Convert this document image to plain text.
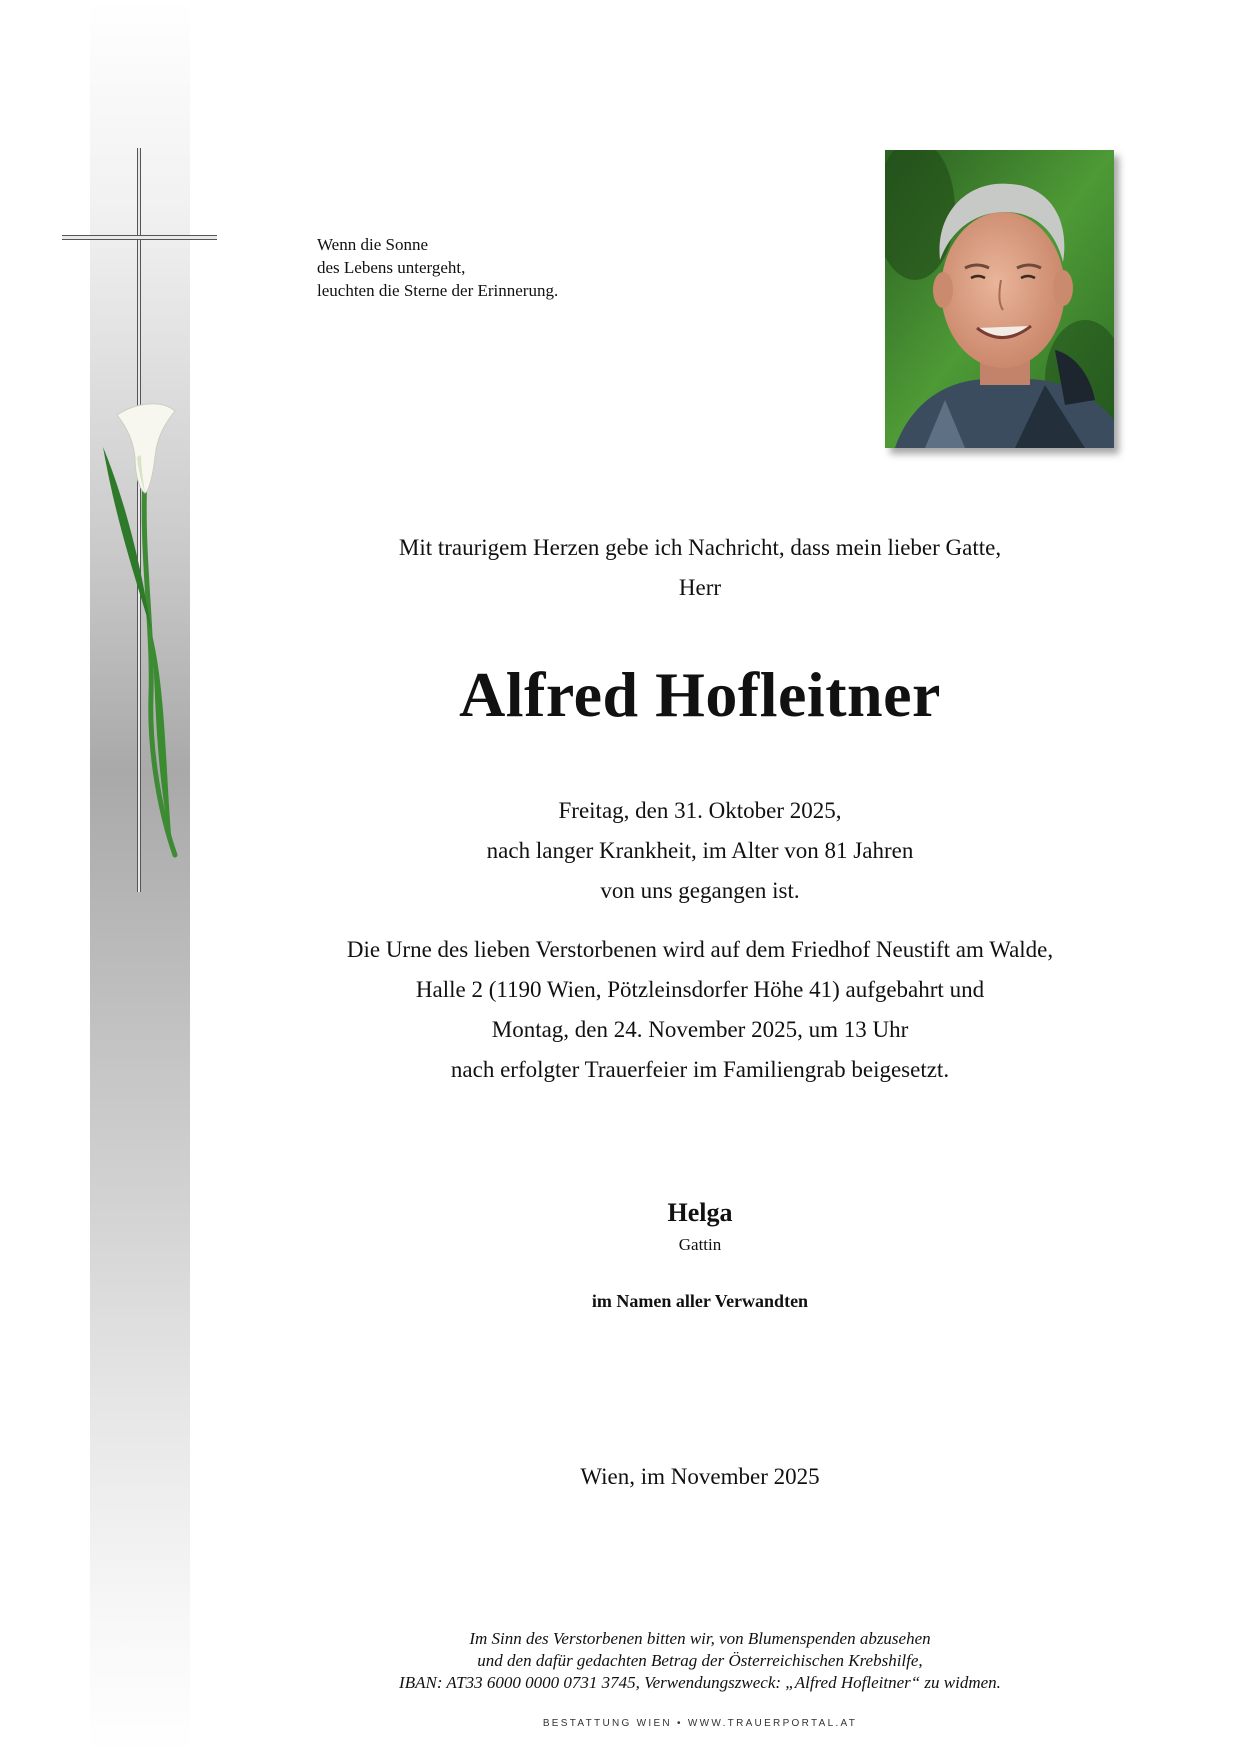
Wenn die Sonne
des Lebens untergeht,
leuchten die Sterne der Erinnerung.
Mit traurigem Herzen gebe ich Nachricht, dass mein lieber Gatte,
Herr
Alfred Hofleitner
Freitag, den 31. Oktober 2025,
nach langer Krankheit, im Alter von 81 Jahren
von uns gegangen ist.
Die Urne des lieben Verstorbenen wird auf dem Friedhof Neustift am Walde,
Halle 2 (1190 Wien, Pötzleinsdorfer Höhe 41) aufgebahrt und
Montag, den 24. November 2025, um 13 Uhr
nach erfolgter Trauerfeier im Familiengrab beigesetzt.
Helga
Gattin
im Namen aller Verwandten
Wien, im November 2025
Im Sinn des Verstorbenen bitten wir, von Blumenspenden abzusehen
und den dafür gedachten Betrag der Österreichischen Krebshilfe,
IBAN: AT33 6000 0000 0731 3745, Verwendungszweck: „Alfred Hofleitner“ zu widmen.
BESTATTUNG WIEN • WWW.TRAUERPORTAL.AT
